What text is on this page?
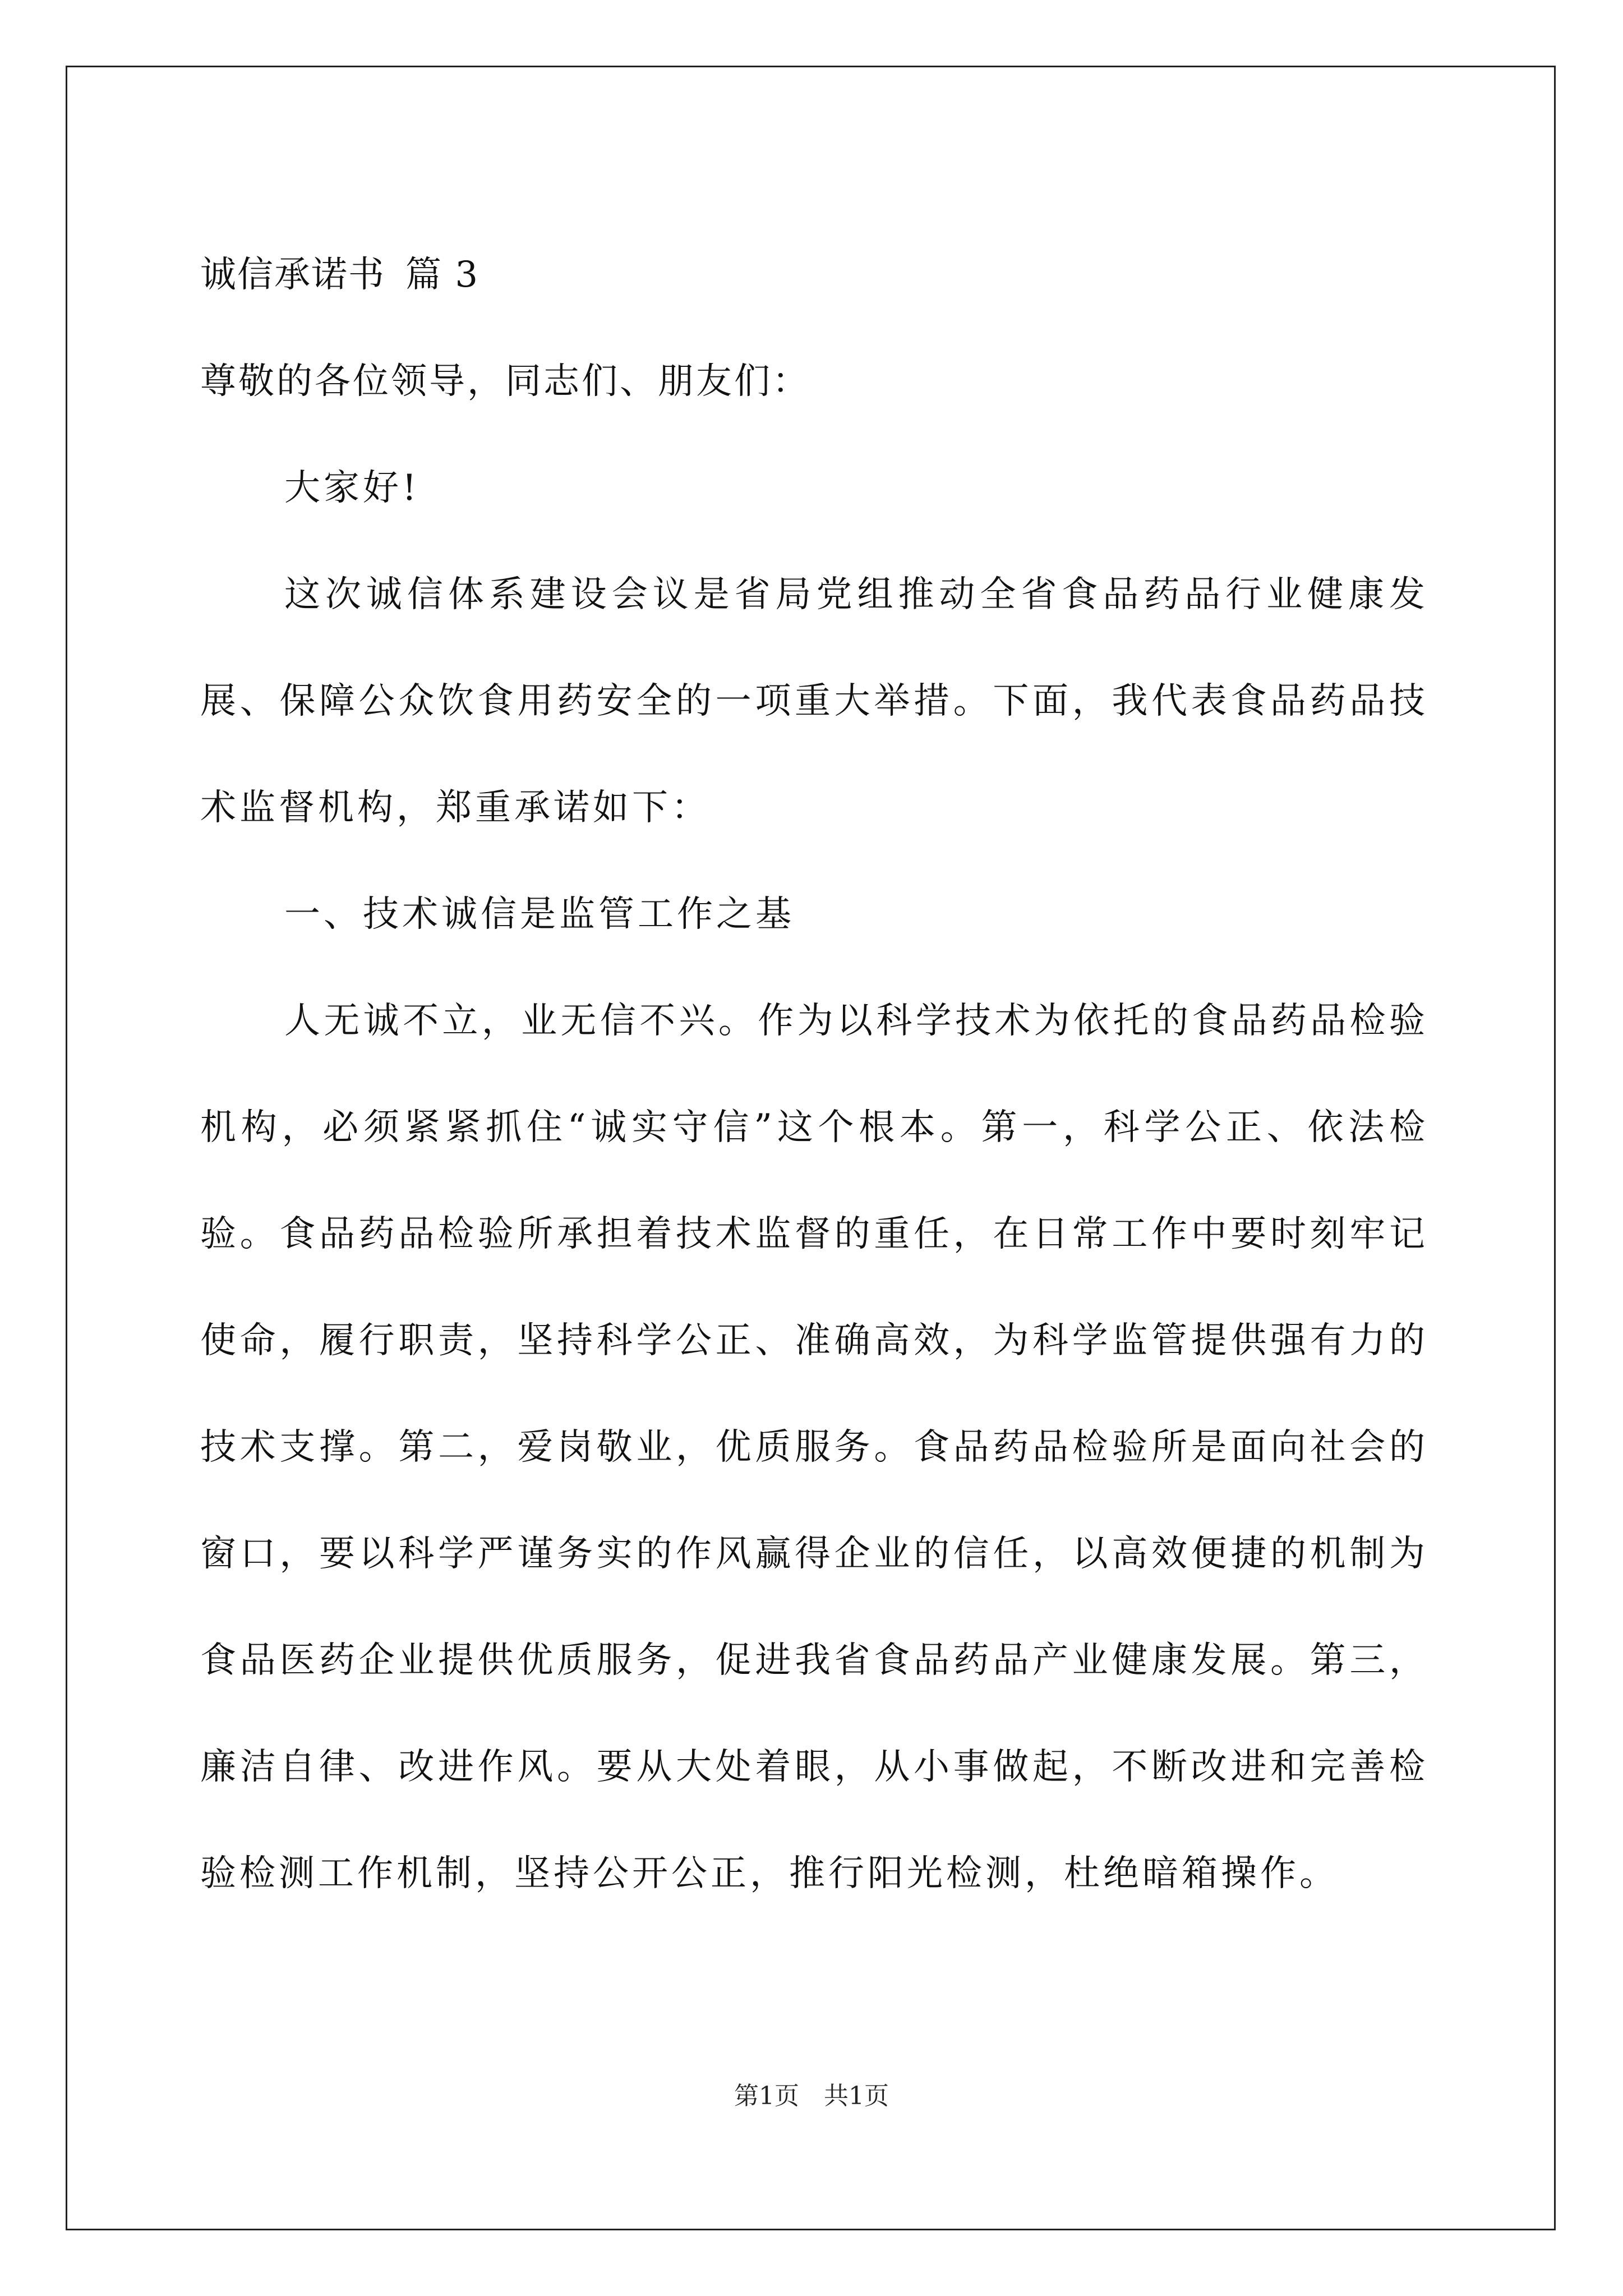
诚信承诺书 篇 3

尊敬的各位领导，同志们、朋友们：

大家好!

这次诚信体系建设会议是省局党组推动全省食品药品行业健康发展、保障公众饮食用药安全的一项重大举措。下面，我代表食品药品技术监督机构，郑重承诺如下：

一、技术诚信是监管工作之基

人无诚不立，业无信不兴。作为以科学技术为依托的食品药品检验机构，必须紧紧抓住“诚实守信”这个根本。第一，科学公正、依法检验。食品药品检验所承担着技术监督的重任，在日常工作中要时刻牢记使命，履行职责，坚持科学公正、准确高效，为科学监管提供强有力的技术支撑。第二，爱岗敬业，优质服务。食品药品检验所是面向社会的窗口，要以科学严谨务实的作风赢得企业的信任，以高效便捷的机制为食品医药企业提供优质服务，促进我省食品药品产业健康发展。第三，廉洁自律、改进作风。要从大处着眼，从小事做起，不断改进和完善检验检测工作机制，坚持公开公正，推行阳光检测，杜绝暗箱操作。

第1页　共1页
